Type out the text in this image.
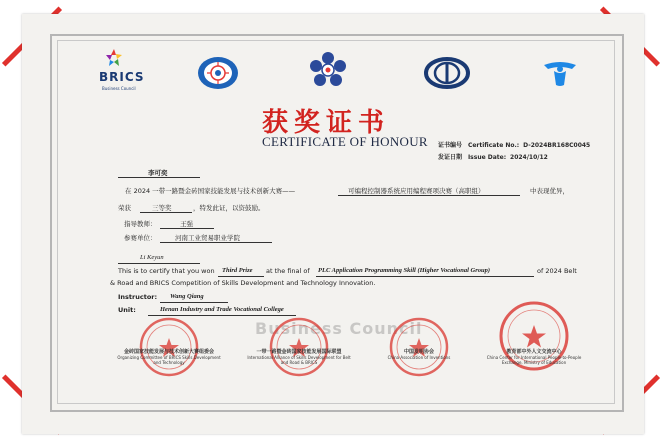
BRICS
Business Council
获奖证书
CERTIFICATE OF HONOUR 证书编号 Certificate No.: D-2024BR168C0045
发证日期 Issue Date: 2024/10/12
李可奕
在 2024 一带一路暨金砖国家技能发展与技术创新大赛——	可编程控制器系统应用编程赛项决赛（高职组）	中表现优异，
荣获	三等奖	，特发此证，以资鼓励。
指导教师：	王强
参赛单位：	河南工业贸易职业学院
Li Keyun
This is to certify that you won Third Prize at the final of PLC Application Programming Skill (Higher Vocational Group)	of 2024 Belt
& Road and BRICS Competition of Skills Development and Technology Innovation.
Instructor: Wang Qiang
Unit:	Henan Industry and Trade Vocational College
Business Council
金砖国家技能发展与技术创新大赛组委会
Organizing Committee of BRICS Skills Development and Technology
一带一路暨金砖国家技能发展国际联盟
International Alliance of Skills Development for Belt and Road & BRICS
中国发明协会
China Association of Inventions
教育部中外人文交流中心
China Center for International People-to-People Exchange, Ministry of Education
